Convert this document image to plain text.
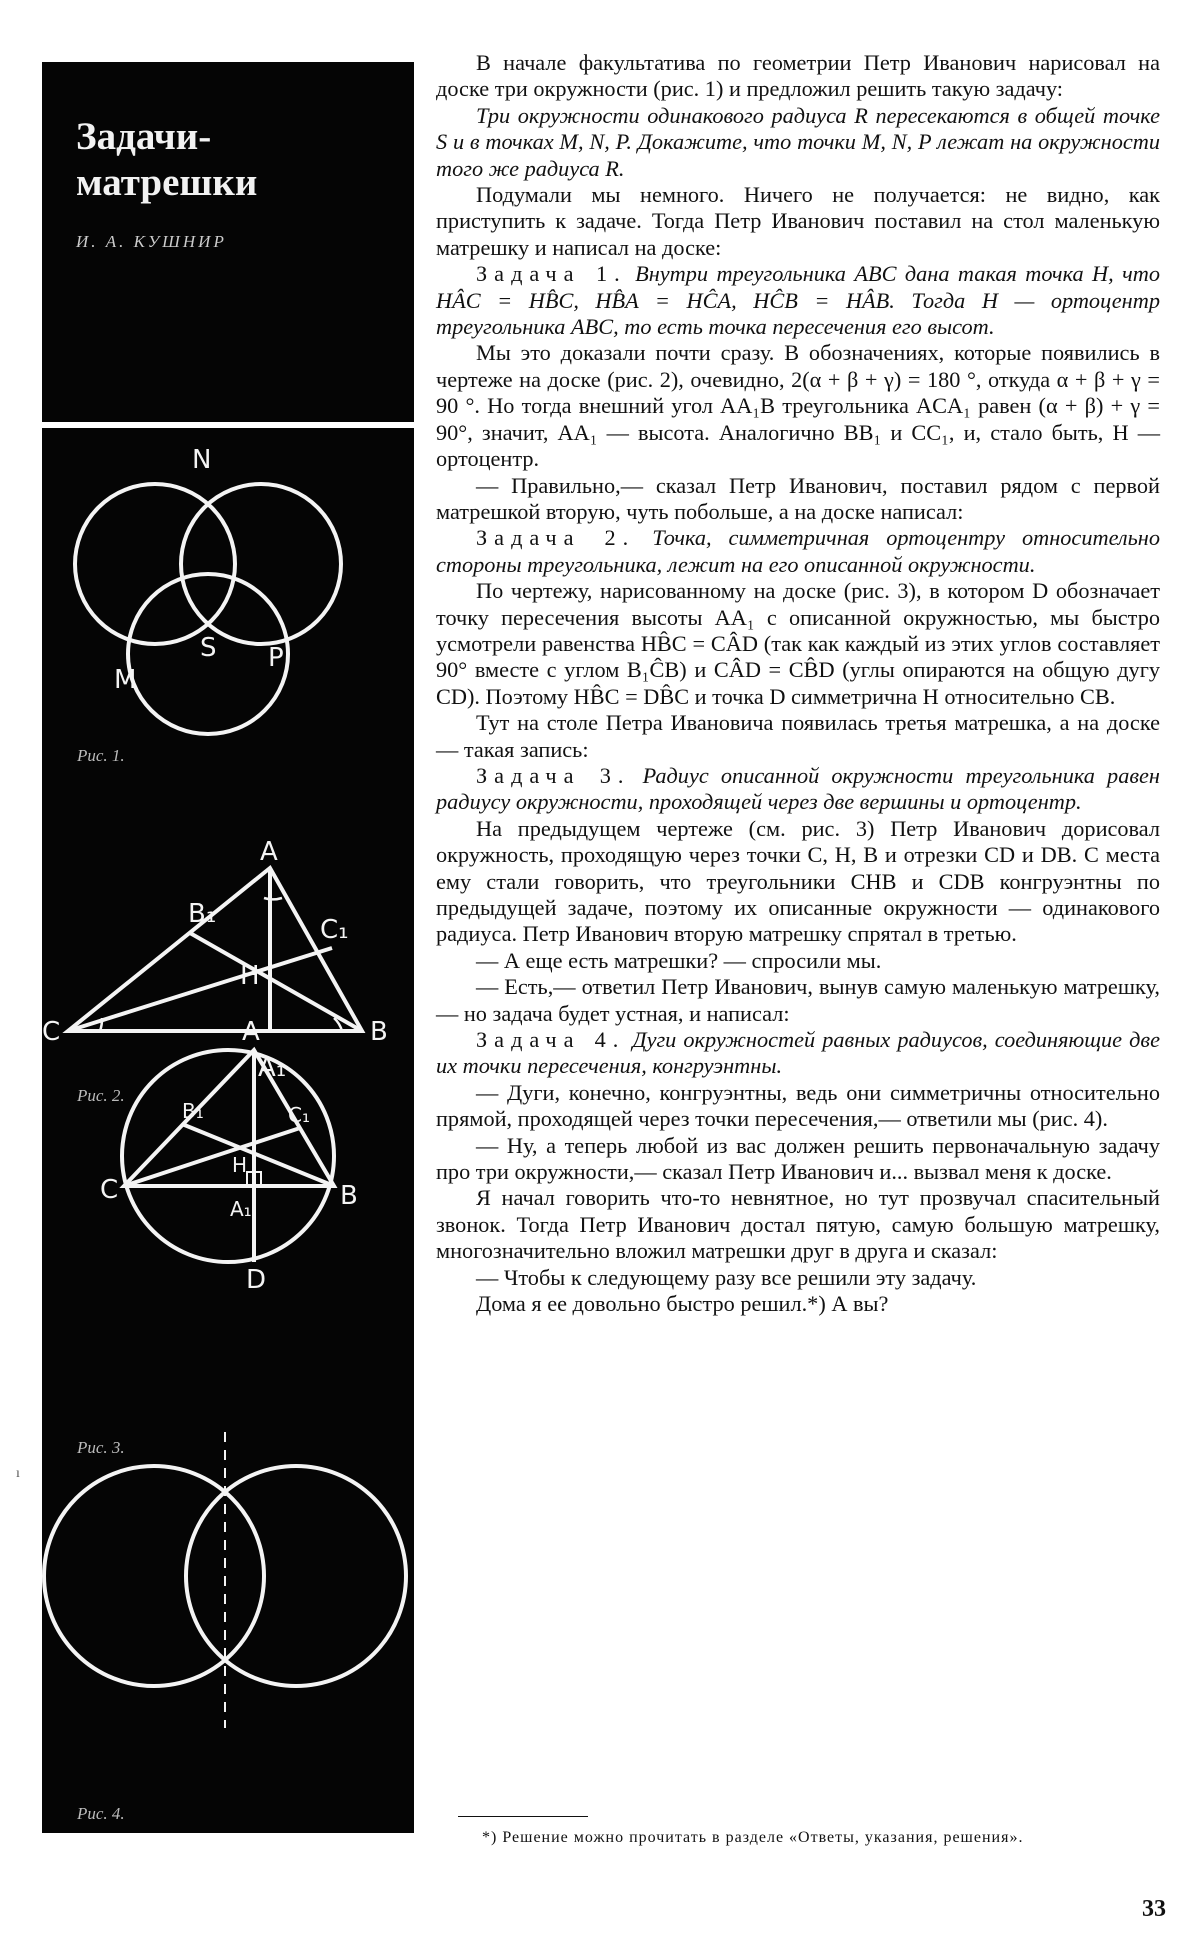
Задачи-
матрешки
И. А. КУШНИР
N
S
M
P
A
C	B
B₁
C₁
H
A₁
A
C	B
D
B₁	C₁
H
A₁
Рис. 1.
Рис. 2.
Рис. 3.
Рис. 4.
ı

В начале факультатива по геометрии Петр Иванович нарисовал на доске три окружности (рис. 1) и предложил решить такую задачу:

Три окружности одинакового радиуса R пересекаются в общей точке S и в точках M, N, P. Докажите, что точки M, N, P лежат на окружности того же радиуса R.

Подумали мы немного. Ничего не получается: не видно, как приступить к задаче. Тогда Петр Иванович поставил на стол маленькую матрешку и написал на доске:

Задача 1. Внутри треугольника ABC дана такая точка H, что HÂC = HB̂C, HB̂A = HĈA, HĈB = HÂB. Тогда H — ортоцентр треугольника ABC, то есть точка пересечения его высот.

Мы это доказали почти сразу. В обозначениях, которые появились в чертеже на доске (рис. 2), очевидно, 2(α + β + γ) = 180 °, откуда α + β + γ = 90 °. Но тогда внешний угол AA₁B треугольника ACA₁ равен (α + β) + γ = 90°, значит, AA₁ — высота. Аналогично BB₁ и CC₁, и, стало быть, H — ортоцентр.

— Правильно,— сказал Петр Иванович, поставил рядом с первой матрешкой вторую, чуть побольше, а на доске написал:

Задача 2. Точка, симметричная ортоцентру относительно стороны треугольника, лежит на его описанной окружности.

По чертежу, нарисованному на доске (рис. 3), в котором D обозначает точку пересечения высоты AA₁ с описанной окружностью, мы быстро усмотрели равенства HB̂C = CÂD (так как каждый из этих углов составляет 90° вместе с углом B₁ĈB) и CÂD = CB̂D (углы опираются на общую дугу CD). Поэтому HB̂C = DB̂C и точка D симметрична H относительно CB.

Тут на столе Петра Ивановича появилась третья матрешка, а на доске — такая запись:

Задача 3. Радиус описанной окружности треугольника равен радиусу окружности, проходящей через две вершины и ортоцентр.

На предыдущем чертеже (см. рис. 3) Петр Иванович дорисовал окружность, проходящую через точки C, H, B и отрезки CD и DB. С места ему стали говорить, что треугольники CHB и CDB конгруэнтны по предыдущей задаче, поэтому их описанные окружности — одинакового радиуса. Петр Иванович вторую матрешку спрятал в третью.

— А еще есть матрешки? — спросили мы.

— Есть,— ответил Петр Иванович, вынув самую маленькую матрешку,— но задача будет устная, и написал:

Задача 4. Дуги окружностей равных радиусов, соединяющие две их точки пересечения, конгруэнтны.

— Дуги, конечно, конгруэнтны, ведь они симметричны относительно прямой, проходящей через точки пересечения,— ответили мы (рис. 4).

— Ну, а теперь любой из вас должен решить первоначальную задачу про три окружности,— сказал Петр Иванович и... вызвал меня к доске.

Я начал говорить что-то невнятное, но тут прозвучал спасительный звонок. Тогда Петр Иванович достал пятую, самую большую матрешку, многозначительно вложил матрешки друг в друга и сказал:

— Чтобы к следующему разу все решили эту задачу.

Дома я ее довольно быстро решил.*) А вы?

*) Решение можно прочитать в разделе «Ответы, указания, решения».
33
